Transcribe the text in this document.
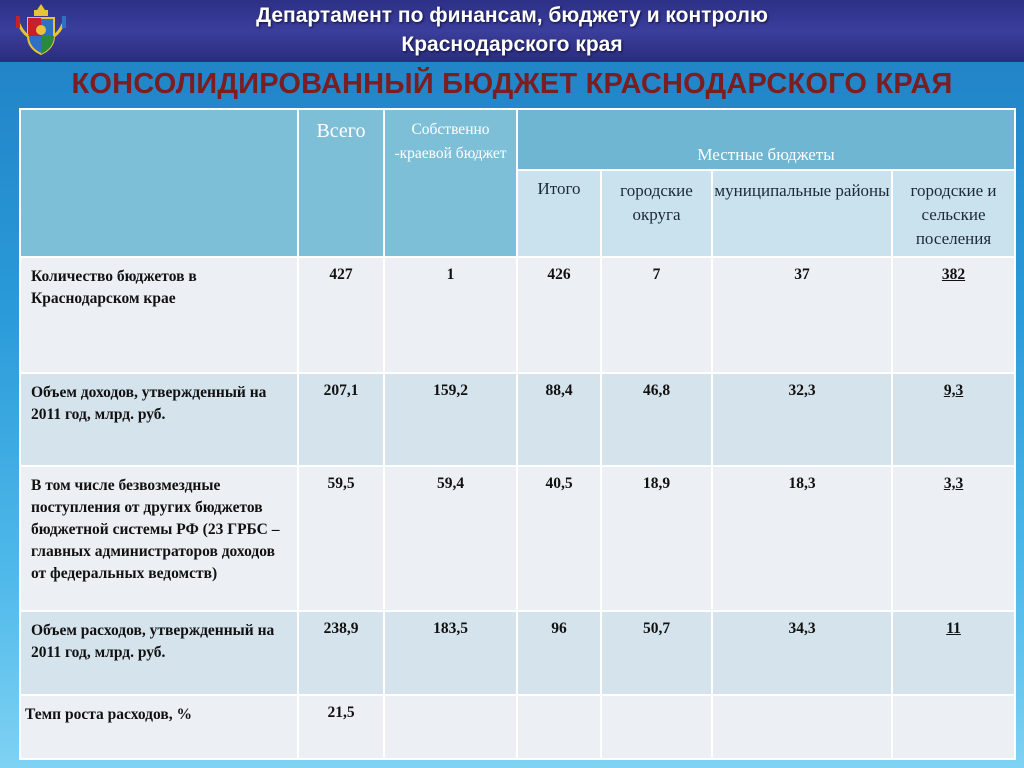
Департамент по финансам, бюджету и контролю
Краснодарского края
КОНСОЛИДИРОВАННЫЙ БЮДЖЕТ КРАСНОДАРСКОГО КРАЯ
	Всего	Собственно -краевой бюджет	Местные бюджеты			
			Итого	городские округа	муниципальные районы	городские и сельские поселения
Количество бюджетов в Краснодарском крае	427	1	426	7	37	382
Объем доходов, утвержденный на 2011 год, млрд. руб.	207,1	159,2	88,4	46,8	32,3	9,3
В том числе безвозмездные поступления от других бюджетов бюджетной системы РФ (23 ГРБС – главных администраторов доходов от федеральных ведомств)	59,5	59,4	40,5	18,9	18,3	3,3
Объем расходов, утвержденный на 2011 год, млрд. руб.	238,9	183,5	96	50,7	34,3	11
Темп роста расходов, %	21,5					
